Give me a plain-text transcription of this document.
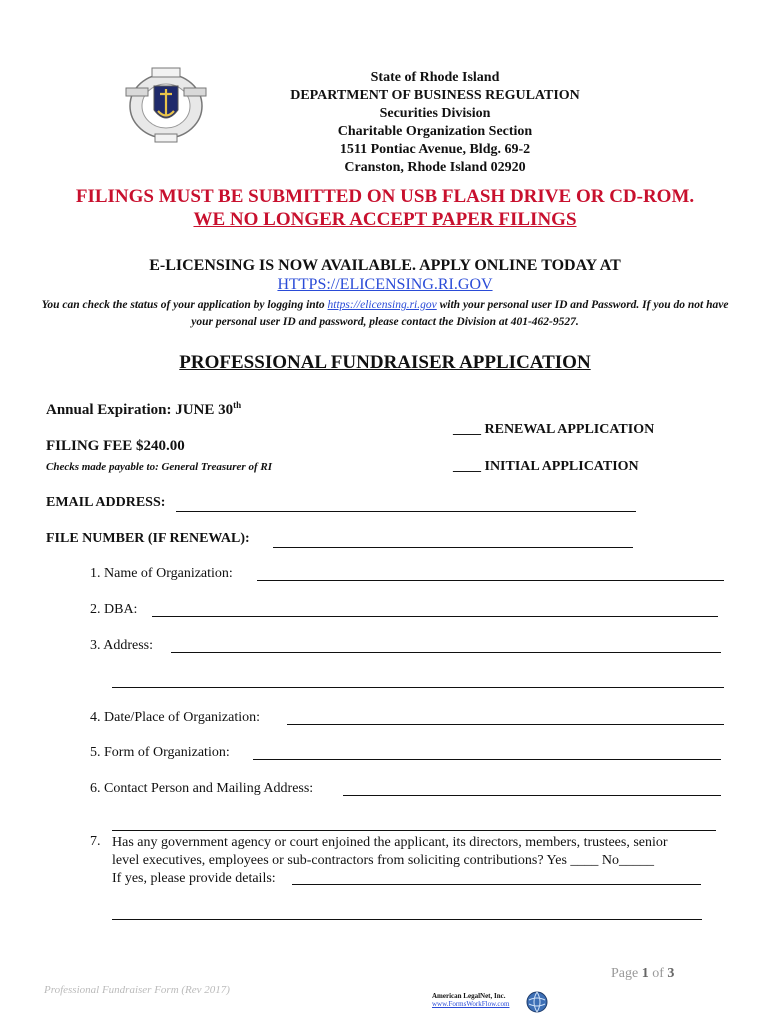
State of Rhode Island
DEPARTMENT OF BUSINESS REGULATION
Securities Division
Charitable Organization Section
1511 Pontiac Avenue, Bldg. 69-2
Cranston, Rhode Island 02920
FILINGS MUST BE SUBMITTED ON USB FLASH DRIVE OR CD-ROM.
WE NO LONGER ACCEPT PAPER FILINGS
E-LICENSING IS NOW AVAILABLE. APPLY ONLINE TODAY AT
HTTPS://ELICENSING.RI.GOV
You can check the status of your application by logging into https://elicensing.ri.gov with your personal user ID and Password. If you do not have your personal user ID and password, please contact the Division at 401-462-9527.
PROFESSIONAL FUNDRAISER APPLICATION
Annual Expiration: JUNE 30th
FILING FEE $240.00
Checks made payable to: General Treasurer of RI
____ RENEWAL APPLICATION
____ INITIAL APPLICATION
EMAIL ADDRESS:
FILE NUMBER (IF RENEWAL):
1. Name of Organization:
2. DBA:
3. Address:
4. Date/Place of Organization:
5. Form of Organization:
6. Contact Person and Mailing Address:
7. Has any government agency or court enjoined the applicant, its directors, members, trustees, senior
level executives, employees or sub-contractors from soliciting contributions? Yes ____ No_____
If yes, please provide details:
Page 1 of 3
Professional Fundraiser Form (Rev 2017)	American LegalNet, Inc.
www.FormsWorkFlow.com
